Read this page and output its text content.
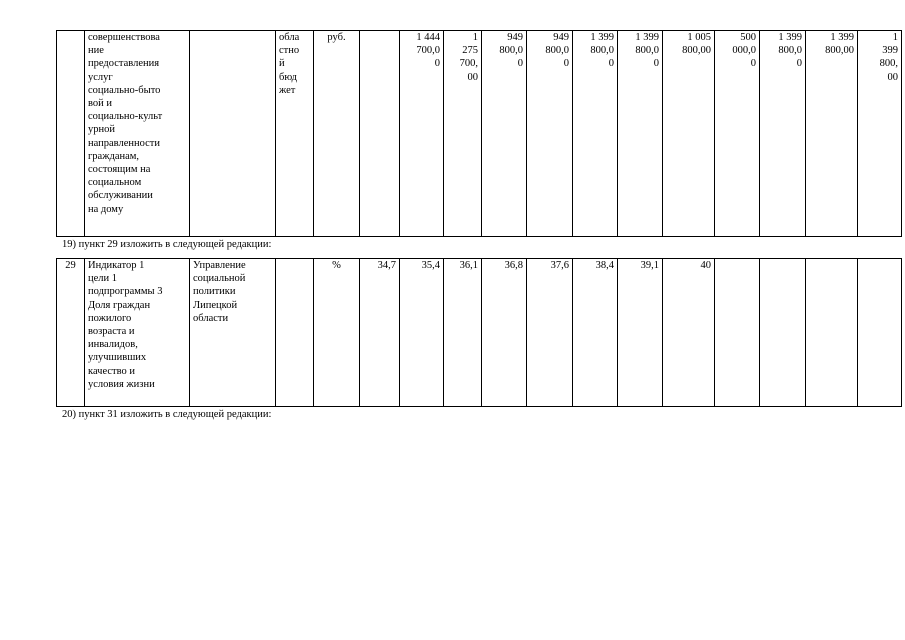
	совершенствова
ние
предоставления
услуг
социально-быто
вой и
социально-культ
урной
направленности
гражданам,
состоящим на
социальном
обслуживании
на дому		обла
стно
й
бюд
жет	руб.		1 444
700,0
0	1
275
700,
00	949
800,0
0	949
800,0
0	1 399
800,0
0	1 399
800,0
0	1 005
800,00	500
000,0
0	1 399
800,0
0	1 399
800,00	1
399
800,
00
19) пункт 29 изложить в следующей редакции:
29	Индикатор 1
цели 1
подпрограммы 3
Доля граждан
пожилого
возраста и
инвалидов,
улучшивших
качество и
условия жизни	Управление
социальной
политики
Липецкой
области		%	34,7	35,4	36,1	36,8	37,6	38,4	39,1	40				
20) пункт 31 изложить в следующей редакции:
